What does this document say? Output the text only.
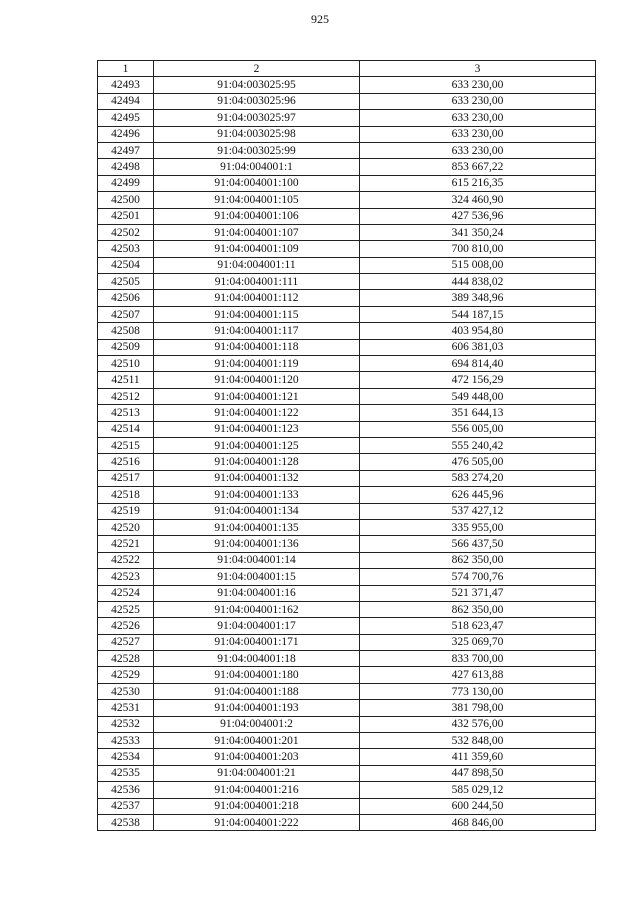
925
1	2	3
42493	91:04:003025:95	633 230,00
42494	91:04:003025:96	633 230,00
42495	91:04:003025:97	633 230,00
42496	91:04:003025:98	633 230,00
42497	91:04:003025:99	633 230,00
42498	91:04:004001:1	853 667,22
42499	91:04:004001:100	615 216,35
42500	91:04:004001:105	324 460,90
42501	91:04:004001:106	427 536,96
42502	91:04:004001:107	341 350,24
42503	91:04:004001:109	700 810,00
42504	91:04:004001:11	515 008,00
42505	91:04:004001:111	444 838,02
42506	91:04:004001:112	389 348,96
42507	91:04:004001:115	544 187,15
42508	91:04:004001:117	403 954,80
42509	91:04:004001:118	606 381,03
42510	91:04:004001:119	694 814,40
42511	91:04:004001:120	472 156,29
42512	91:04:004001:121	549 448,00
42513	91:04:004001:122	351 644,13
42514	91:04:004001:123	556 005,00
42515	91:04:004001:125	555 240,42
42516	91:04:004001:128	476 505,00
42517	91:04:004001:132	583 274,20
42518	91:04:004001:133	626 445,96
42519	91:04:004001:134	537 427,12
42520	91:04:004001:135	335 955,00
42521	91:04:004001:136	566 437,50
42522	91:04:004001:14	862 350,00
42523	91:04:004001:15	574 700,76
42524	91:04:004001:16	521 371,47
42525	91:04:004001:162	862 350,00
42526	91:04:004001:17	518 623,47
42527	91:04:004001:171	325 069,70
42528	91:04:004001:18	833 700,00
42529	91:04:004001:180	427 613,88
42530	91:04:004001:188	773 130,00
42531	91:04:004001:193	381 798,00
42532	91:04:004001:2	432 576,00
42533	91:04:004001:201	532 848,00
42534	91:04:004001:203	411 359,60
42535	91:04:004001:21	447 898,50
42536	91:04:004001:216	585 029,12
42537	91:04:004001:218	600 244,50
42538	91:04:004001:222	468 846,00
